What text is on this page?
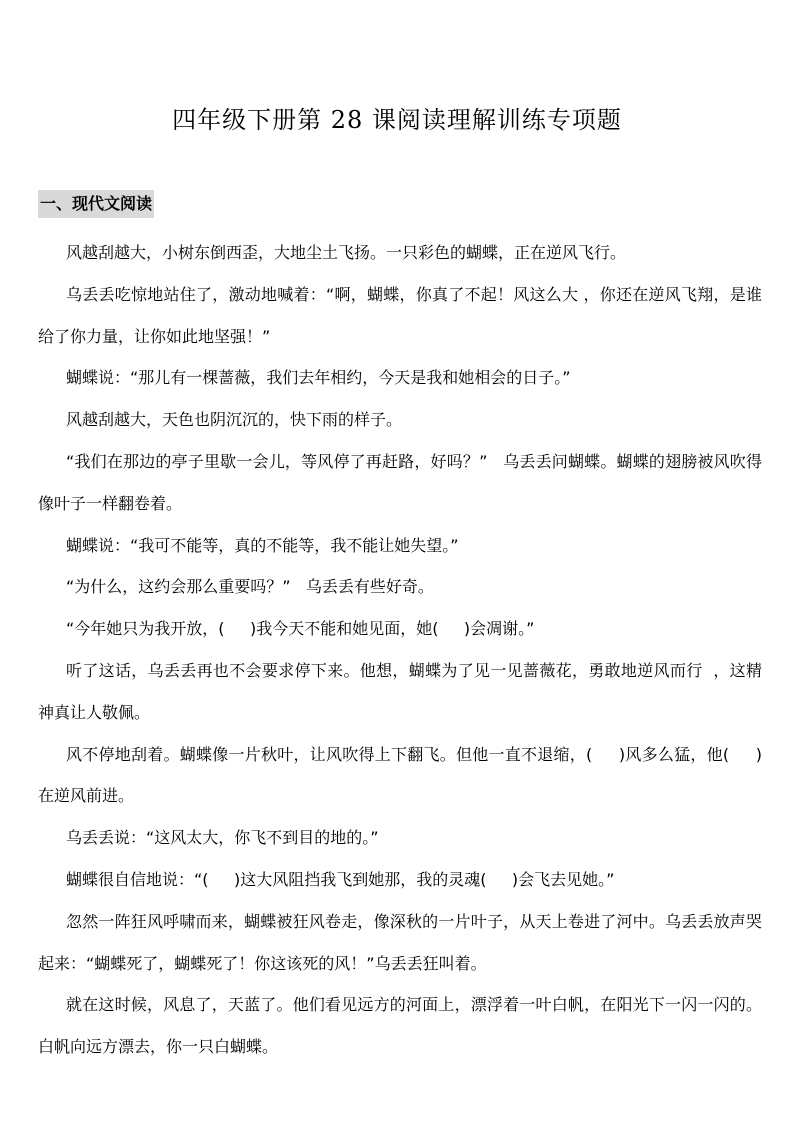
四年级下册第 28 课阅读理解训练专项题
一、现代文阅读

风越刮越大，小树东倒西歪，大地尘土飞扬。一只彩色的蝴蝶，正在逆风飞行。

乌丢丢吃惊地站住了，激动地喊着：“啊，蝴蝶，你真了不起！风这么大 ，你还在逆风飞翔，是谁给了你力量，让你如此地坚强！”

蝴蝶说：“那儿有一棵蔷薇，我们去年相约，今天是我和她相会的日子。”

风越刮越大，天色也阴沉沉的，快下雨的样子。

“我们在那边的亭子里歇一会儿，等风停了再赶路，好吗？”   乌丢丢问蝴蝶。蝴蝶的翅膀被风吹得像叶子一样翻卷着。

蝴蝶说：“我可不能等，真的不能等，我不能让她失望。”

“为什么，这约会那么重要吗？”   乌丢丢有些好奇。

“今年她只为我开放，(     )我今天不能和她见面，她(     )会凋谢。”

听了这话，乌丢丢再也不会要求停下来。他想，蝴蝶为了见一见蔷薇花，勇敢地逆风而行  ，这精神真让人敬佩。

风不停地刮着。蝴蝶像一片秋叶，让风吹得上下翻飞。但他一直不退缩，(     )风多么猛，他(     )在逆风前进。

乌丢丢说：“这风太大，你飞不到目的地的。”

蝴蝶很自信地说：“(     )这大风阻挡我飞到她那，我的灵魂(     )会飞去见她。”

忽然一阵狂风呼啸而来，蝴蝶被狂风卷走，像深秋的一片叶子，从天上卷进了河中。乌丢丢放声哭起来：“蝴蝶死了，蝴蝶死了！你这该死的风！”乌丢丢狂叫着。

就在这时候，风息了，天蓝了。他们看见远方的河面上，漂浮着一叶白帆，在阳光下一闪一闪的。白帆向远方漂去，你一只白蝴蝶。
